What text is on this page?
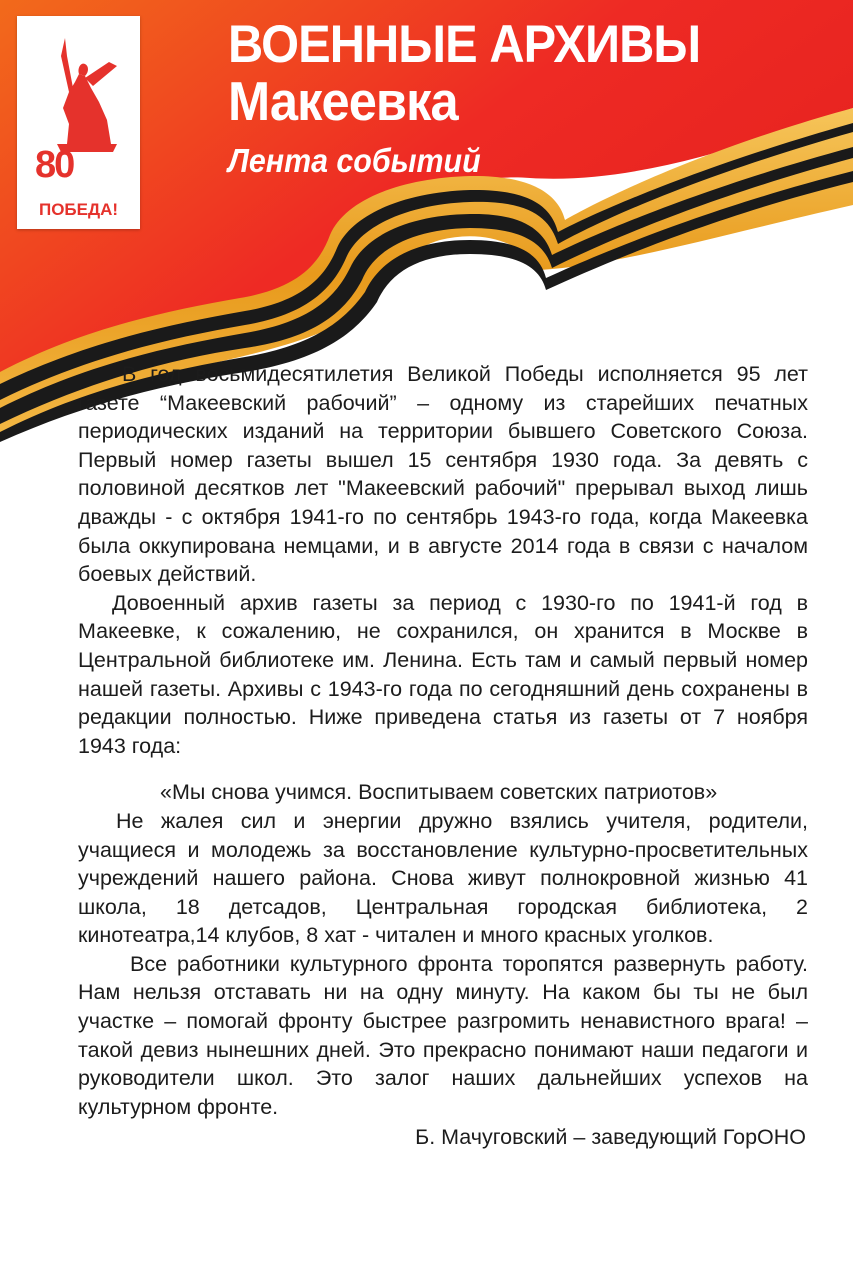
80
ПОБЕДА!
ВОЕННЫЕ АРХИВЫ
Макеевка
Лента событий

В год восьмидесятилетия Великой Победы исполняется 95 лет газете “Макеевский рабочий” – одному из старейших печатных периодических изданий на территории бывшего Советского Союза. Первый номер газеты вышел 15 сентября 1930 года. За девять с половиной десятков лет "Макеевский рабочий" прерывал выход лишь дважды - с октября 1941-го по сентябрь 1943-го года, когда Макеевка была оккупирована немцами, и в августе 2014 года в связи с началом боевых действий.

Довоенный архив газеты за период с 1930-го по 1941-й год в Макеевке, к сожалению, не сохранился, он хранится в Москве в Центральной библиотеке им. Ленина. Есть там и самый первый номер нашей газеты. Архивы с 1943-го года по сегодняшний день сохранены в редакции полностью. Ниже приведена статья из газеты от 7 ноября 1943 года:

«Мы снова учимся. Воспитываем советских патриотов»

Не жалея сил и энергии дружно взялись учителя, родители, учащиеся и молодежь за восстановление культурно-просветительных учреждений нашего района. Снова живут полнокровной жизнью 41 школа, 18 детсадов, Центральная городская библиотека, 2 кинотеатра,14 клубов, 8 хат - читален и много красных уголков.

Все работники культурного фронта торопятся развернуть работу. Нам нельзя отставать ни на одну минуту. На каком бы ты не был участке – помогай фронту быстрее разгромить ненавистного врага! – такой девиз нынешних дней. Это прекрасно понимают наши педагоги и руководители школ. Это залог наших дальнейших успехов на культурном фронте.

Б. Мачуговский – заведующий ГорОНО
